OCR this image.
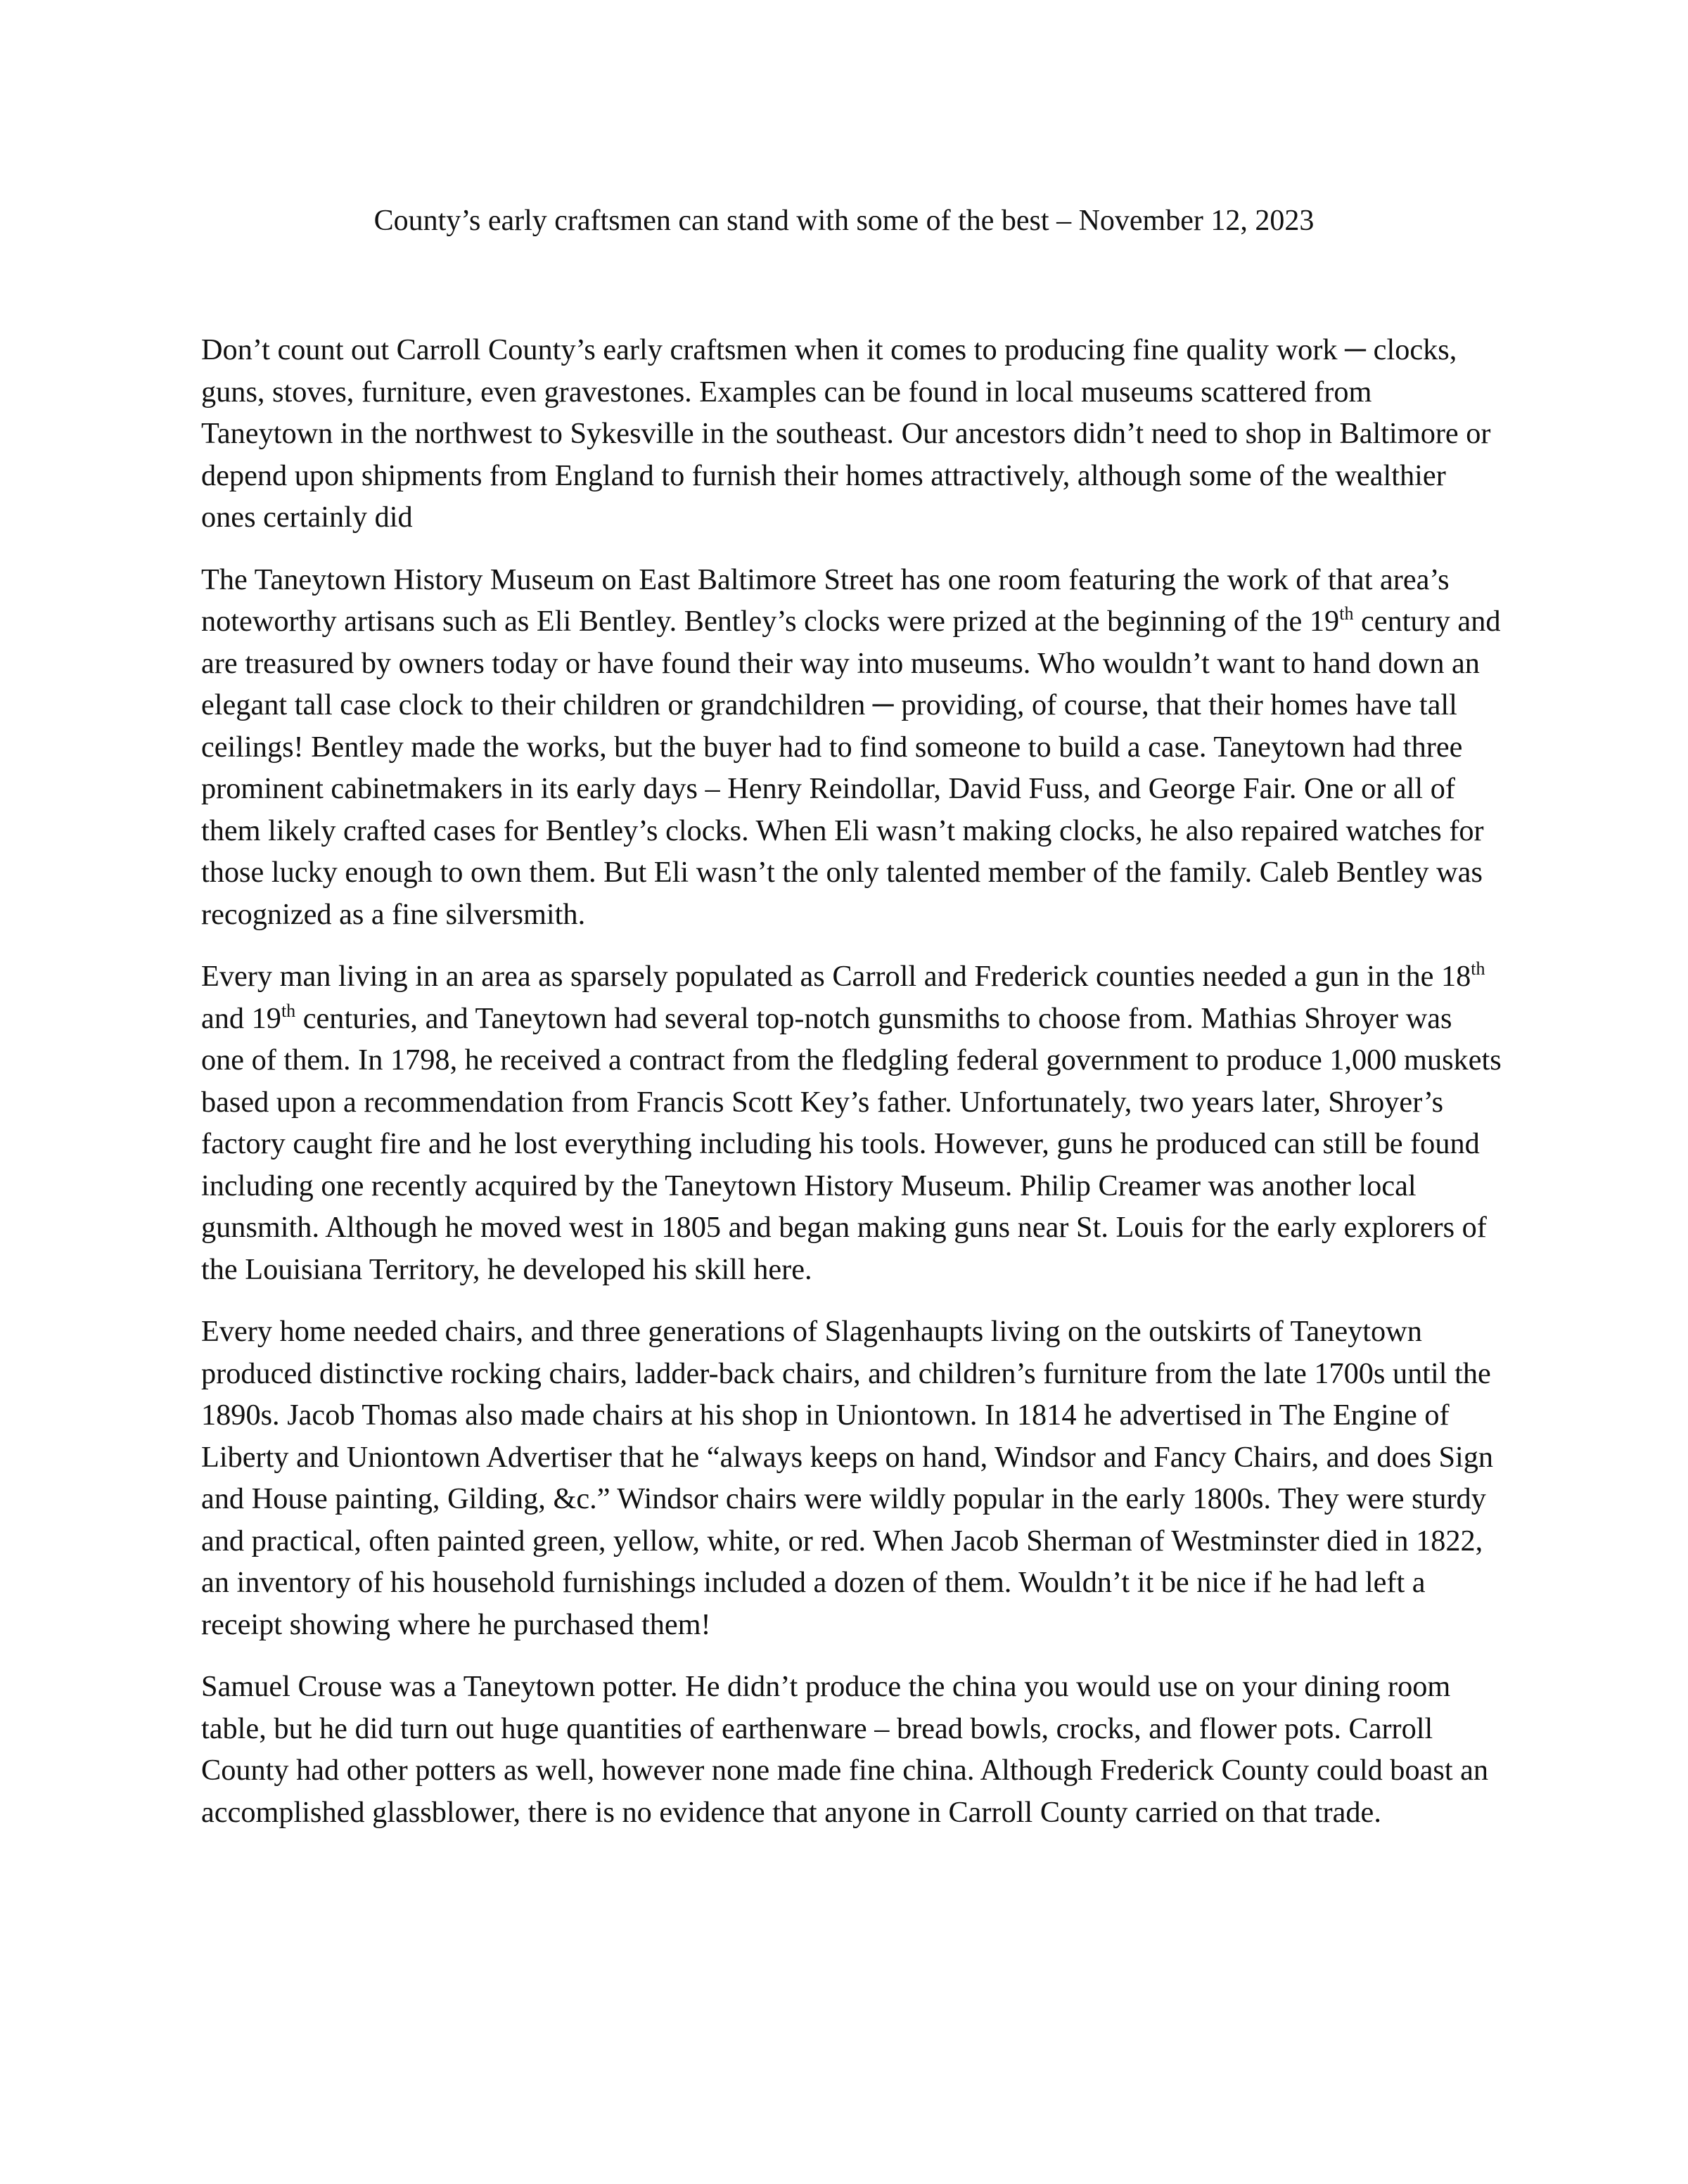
County’s early craftsmen can stand with some of the best – November 12, 2023

Don’t count out Carroll County’s early craftsmen when it comes to producing fine quality work ─ clocks, guns, stoves, furniture, even gravestones. Examples can be found in local museums scattered from Taneytown in the northwest to Sykesville in the southeast. Our ancestors didn’t need to shop in Baltimore or depend upon shipments from England to furnish their homes attractively, although some of the wealthier ones certainly did

The Taneytown History Museum on East Baltimore Street has one room featuring the work of that area’s noteworthy artisans such as Eli Bentley. Bentley’s clocks were prized at the beginning of the 19th century and are treasured by owners today or have found their way into museums. Who wouldn’t want to hand down an elegant tall case clock to their children or grandchildren ─ providing, of course, that their homes have tall ceilings! Bentley made the works, but the buyer had to find someone to build a case. Taneytown had three prominent cabinetmakers in its early days – Henry Reindollar, David Fuss, and George Fair. One or all of them likely crafted cases for Bentley’s clocks. When Eli wasn’t making clocks, he also repaired watches for those lucky enough to own them. But Eli wasn’t the only talented member of the family. Caleb Bentley was recognized as a fine silversmith.

Every man living in an area as sparsely populated as Carroll and Frederick counties needed a gun in the 18th and 19th centuries, and Taneytown had several top-notch gunsmiths to choose from. Mathias Shroyer was one of them. In 1798, he received a contract from the fledgling federal government to produce 1,000 muskets based upon a recommendation from Francis Scott Key’s father. Unfortunately, two years later, Shroyer’s factory caught fire and he lost everything including his tools. However, guns he produced can still be found including one recently acquired by the Taneytown History Museum. Philip Creamer was another local gunsmith. Although he moved west in 1805 and began making guns near St. Louis for the early explorers of the Louisiana Territory, he developed his skill here.

Every home needed chairs, and three generations of Slagenhaupts living on the outskirts of Taneytown produced distinctive rocking chairs, ladder-back chairs, and children’s furniture from the late 1700s until the 1890s. Jacob Thomas also made chairs at his shop in Uniontown. In 1814 he advertised in The Engine of Liberty and Uniontown Advertiser that he “always keeps on hand, Windsor and Fancy Chairs, and does Sign and House painting, Gilding, &c.” Windsor chairs were wildly popular in the early 1800s. They were sturdy and practical, often painted green, yellow, white, or red. When Jacob Sherman of Westminster died in 1822, an inventory of his household furnishings included a dozen of them. Wouldn’t it be nice if he had left a receipt showing where he purchased them!

Samuel Crouse was a Taneytown potter. He didn’t produce the china you would use on your dining room table, but he did turn out huge quantities of earthenware – bread bowls, crocks, and flower pots. Carroll County had other potters as well, however none made fine china. Although Frederick County could boast an accomplished glassblower, there is no evidence that anyone in Carroll County carried on that trade.
